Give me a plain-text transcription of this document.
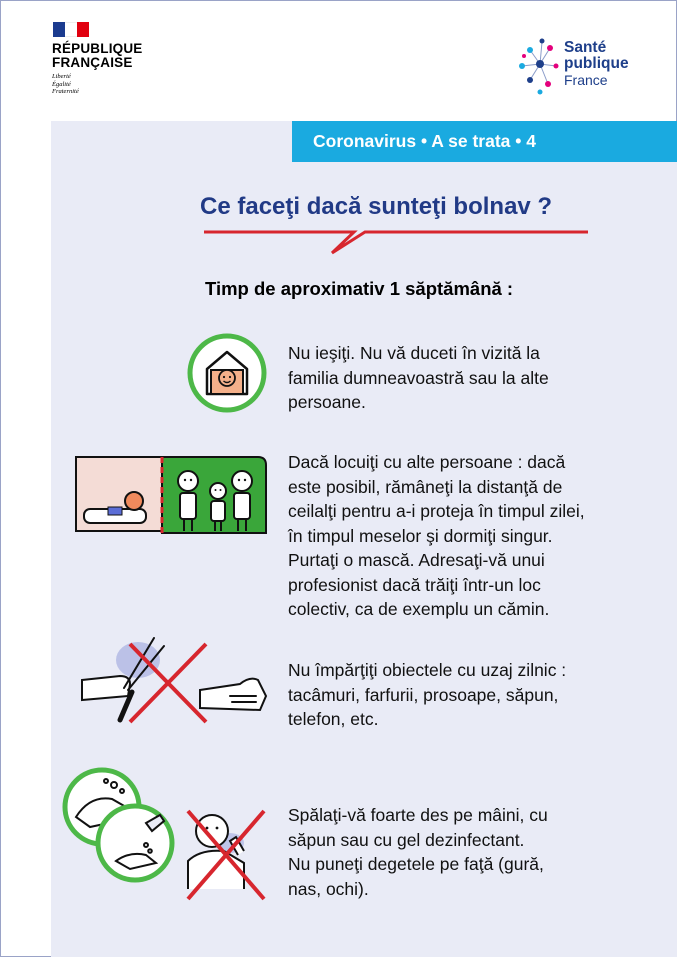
RÉPUBLIQUE
FRANÇAISE
Liberté
Égalité
Fraternité
Santé
publique
France
Coronavirus • A se trata • 4
Ce faceţi dacă sunteţi bolnav ?
Timp de aproximativ 1 săptămână :
Nu ieşiţi. Nu vă duceti în vizită la
familia dumneavoastră sau la alte
persoane.
Dacă locuiţi cu alte persoane : dacă
este posibil, rămâneţi la distanţă de
ceilalţi pentru a-i proteja în timpul zilei,
în timpul meselor şi dormiţi singur.
Purtaţi o mască. Adresaţi-vă unui
profesionist dacă trăiţi într-un loc
colectiv, ca de exemplu un cămin.
Nu împărţiţi obiectele cu uzaj zilnic :
tacâmuri, farfurii, prosoape, săpun,
telefon, etc.
Spălaţi-vă foarte des pe mâini, cu
săpun sau cu gel dezinfectant.
Nu puneţi degetele pe faţă (gură,
nas, ochi).
